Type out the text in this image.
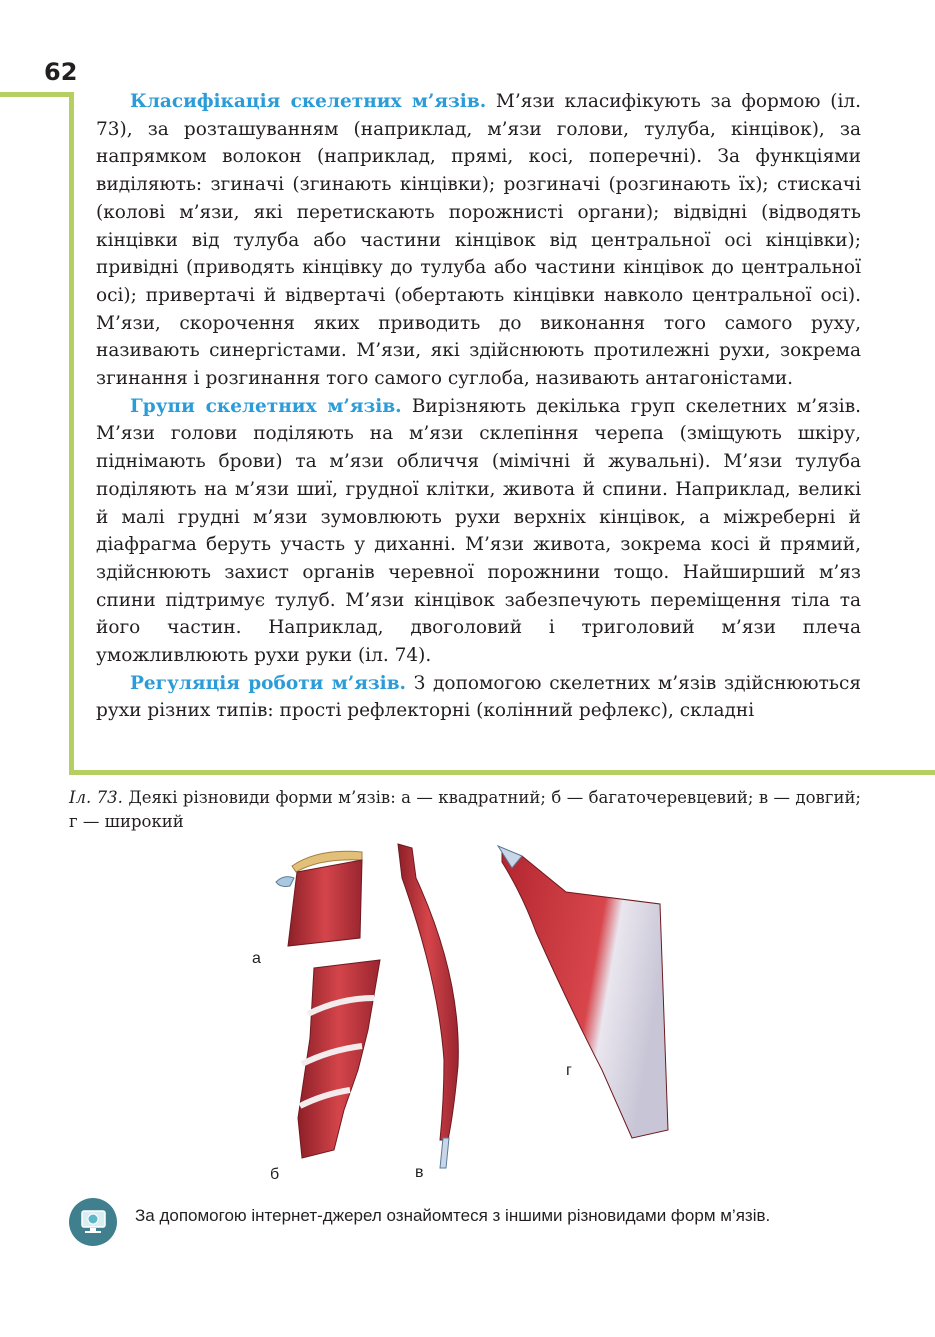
62

Класифікація скелетних м’язів. М’язи класифікують за формою (іл. 73), за розташуванням (наприклад, м’язи голови, тулуба, кінцівок), за напрямком волокон (наприклад, прямі, косі, поперечні). За функціями виділяють: згиначі (згинають кінцівки); розгиначі (розгинають їх); стискачі (колові м’язи, які перетискають порожнисті органи); відвідні (відводять кінцівки від тулуба або частини кінцівок від центральної осі кінцівки); привідні (приводять кінцівку до тулуба або частини кінцівок до центральної осі); привертачі й відвертачі (обертають кінцівки навколо центральної осі). М’язи, скорочення яких приводить до виконання того самого руху, називають синергістами. М’язи, які здійснюють протилежні рухи, зокрема згинання і розгинання того самого суглоба, називають антагоністами.

Групи скелетних м’язів. Вирізняють декілька груп скелетних м’язів. М’язи голови поділяють на м’язи склепіння черепа (зміщують шкіру, піднімають брови) та м’язи обличчя (мімічні й жувальні). М’язи тулуба поділяють на м’язи шиї, грудної клітки, живота й спини. Наприклад, великі й малі грудні м’язи зумовлюють рухи верхніх кінцівок, а міжреберні й діафрагма беруть участь у диханні. М’язи живота, зокрема косі й прямий, здійснюють захист органів черевної порожнини тощо. Найширший м’яз спини підтримує тулуб. М’язи кінцівок забезпечують переміщення тіла та його частин. Наприклад, двоголовий і триголовий м’язи плеча уможливлюють рухи руки (іл. 74).

Регуляція роботи м’язів. З допомогою скелетних м’язів здійснюються рухи різних типів: прості рефлекторні (колінний рефлекс), складні

Іл. 73. Деякі різновиди форми м’язів: а — квадратний; б — багаточеревцевий; в — довгий; г — широкий
а
б	в
г
За допомогою інтернет-джерел ознайомтеся з іншими різновидами форм м’язів.
